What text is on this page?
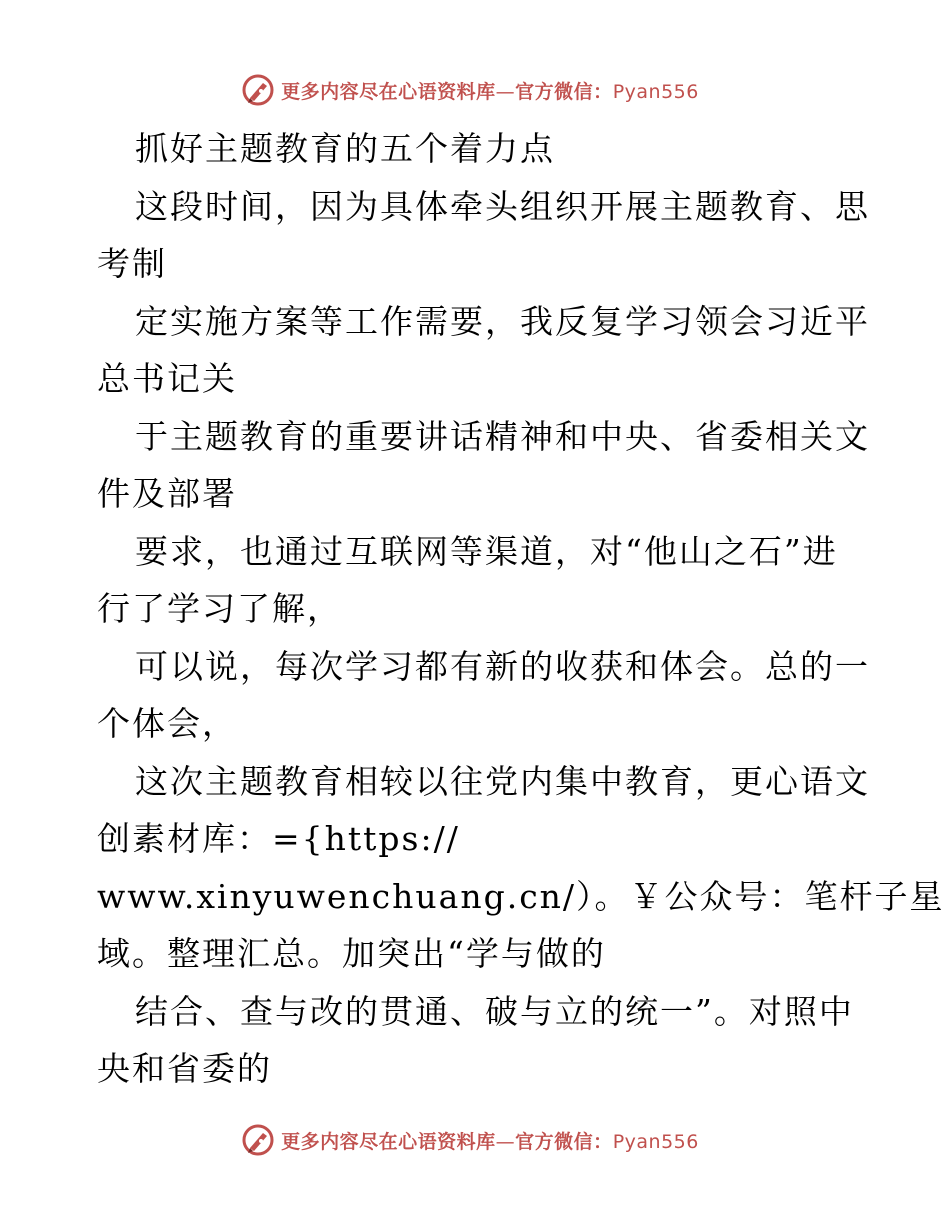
更多内容尽在心语资料库—官方微信：Pyan556
抓好主题教育的五个着力点
这段时间，因为具体牵头组织开展主题教育、思
考制
定实施方案等工作需要，我反复学习领会习近平
总书记关
于主题教育的重要讲话精神和中央、省委相关文
件及部署
要求，也通过互联网等渠道，对“他山之石”进
行了学习了解，
可以说，每次学习都有新的收获和体会。总的一
个体会，
这次主题教育相较以往党内集中教育，更心语文
创素材库：={https://
www.xinyuwenchuang.cn/）。￥公众号：笔杆子星
域。整理汇总。加突出“学与做的
结合、查与改的贯通、破与立的统一”。对照中
央和省委的
更多内容尽在心语资料库—官方微信：Pyan556
